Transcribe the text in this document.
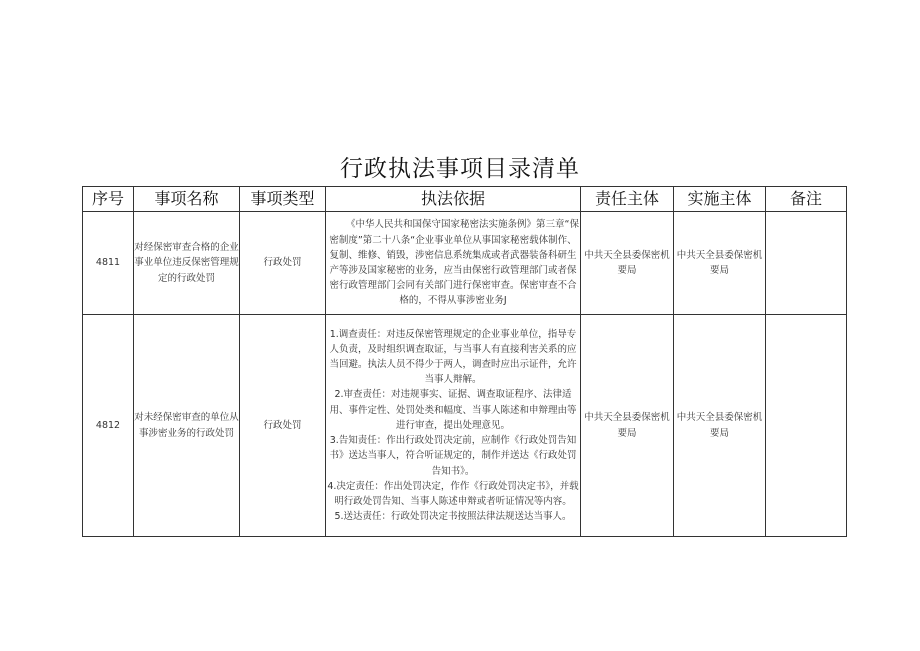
行政执法事项目录清单
序号	事项名称	事项类型	执法依据	责任主体	实施主体	备注
4811	对经保密审查合格的企业事业单位违反保密管理规定的行政处罚	行政处罚	《中华人民共和国保守国家秘密法实施条例》第三章“保密制度”第二十八条“企业事业单位从事国家秘密载体制作、复制、维修、销毁，涉密信息系统集成或者武器装备科研生产等涉及国家秘密的业务，应当由保密行政管理部门或者保密行政管理部门会同有关部门进行保密审查。保密审查不合格的，不得从事涉密业务J	中共天全县委保密机要局	中共天全县委保密机要局	
4812	对未经保密审查的单位从事涉密业务的行政处罚	行政处罚	1.调查责任：对违反保密管理规定的企业事业单位，指导专人负责，及时组织调查取证，与当事人有直接利害关系的应当回避。执法人员不得少于两人，调查时应出示证件，允许当事人辩解。
2.审查责任：对违规事实、证据、调查取证程序、法律适用、事件定性、处罚处类和幅度、当事人陈述和申辩理由等进行审查，提出处理意见。
3.告知责任：作出行政处罚决定前，应制作《行政处罚告知书》送达当事人，符合听证规定的，制作并送达《行政处罚告知书》。
4.决定责任：作出处罚决定，作作《行政处罚决定书》，并载明行政处罚告知、当事人陈述申辩或者听证情况等内容。
5.送达责任：行政处罚决定书按照法律法规送达当事人。	中共天全县委保密机要局	中共天全县委保密机要局	
